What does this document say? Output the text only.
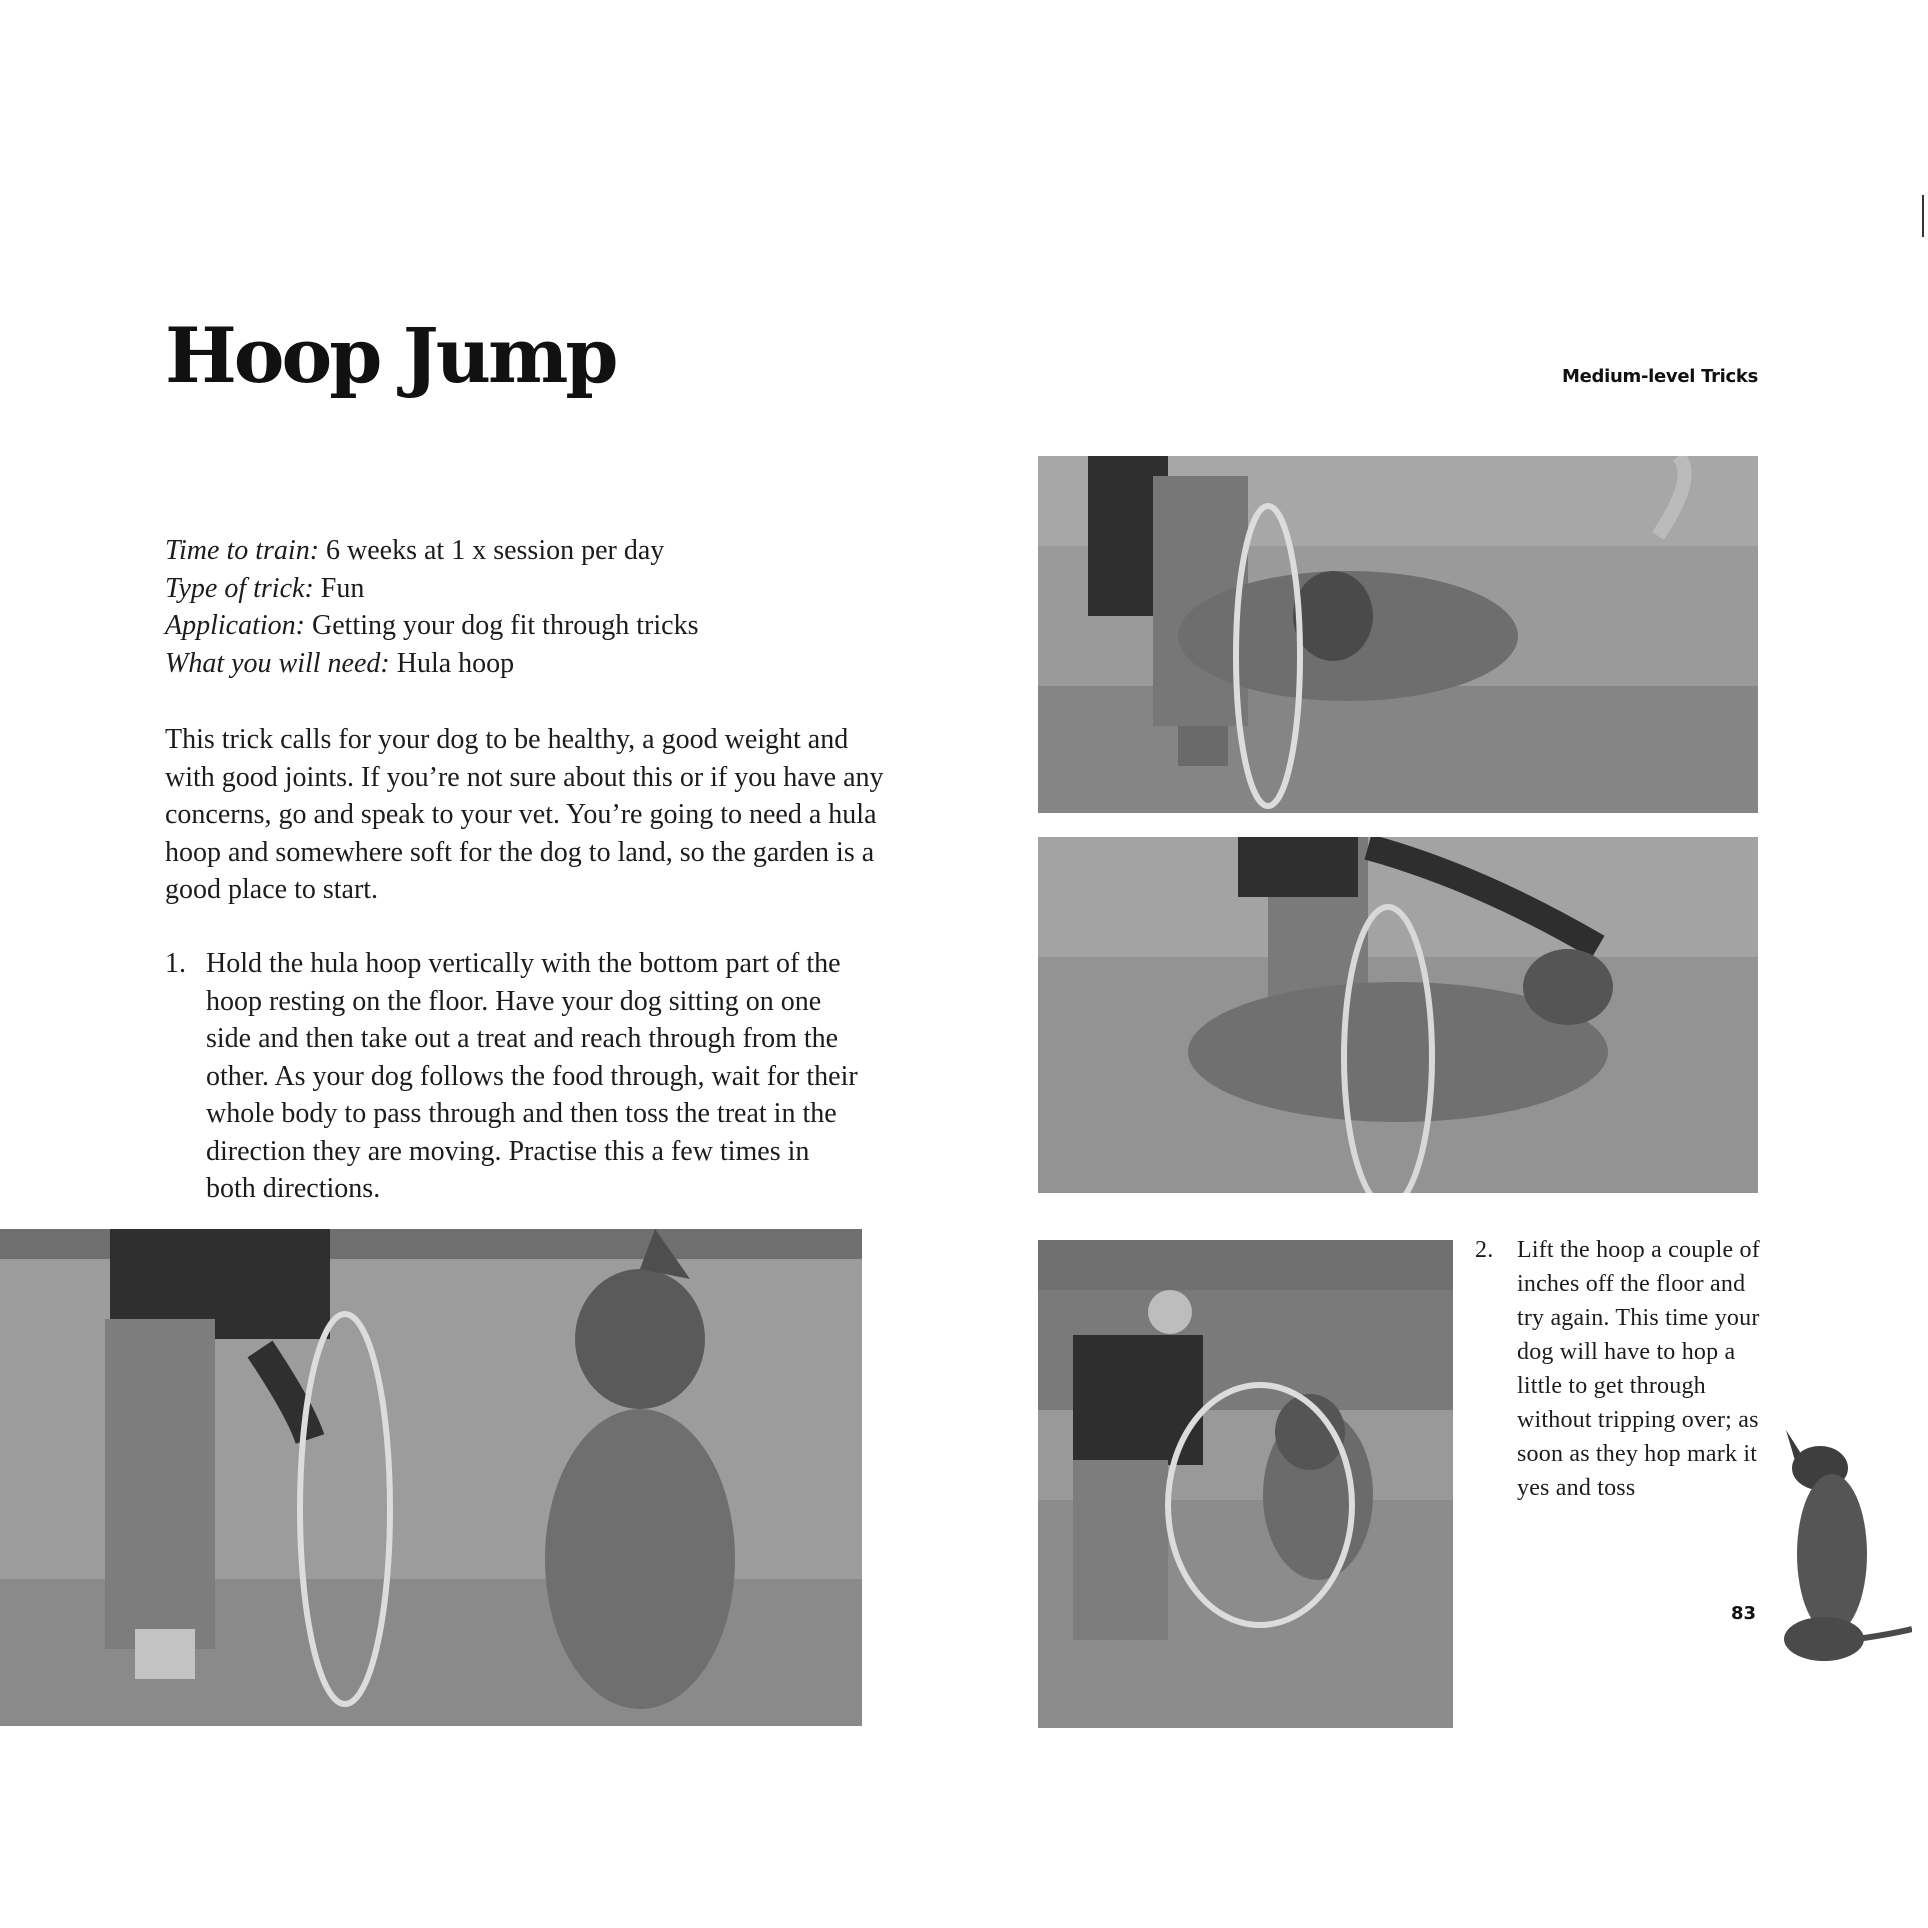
Hoop Jump	Medium-level Tricks
Time to train: 6 weeks at 1 x session per day
Type of trick: Fun
Application: Getting your dog fit through tricks
What you will need: Hula hoop
This trick calls for your dog to be healthy, a good weight and with good joints. If you’re not sure about this or if you have any concerns, go and speak to your vet. You’re going to need a hula hoop and somewhere soft for the dog to land, so the garden is a good place to start.
1. Hold the hula hoop vertically with the bottom part of the hoop resting on the floor. Have your dog sitting on one side and then take out a treat and reach through from the other. As your dog follows the food through, wait for their whole body to pass through and then toss the treat in the direction they are moving. Practise this a few times in both directions.
2. Lift the hoop a couple of inches off the floor and try again. This time your dog will have to hop a little to get through without tripping over; as soon as they hop mark it yes and toss
83
